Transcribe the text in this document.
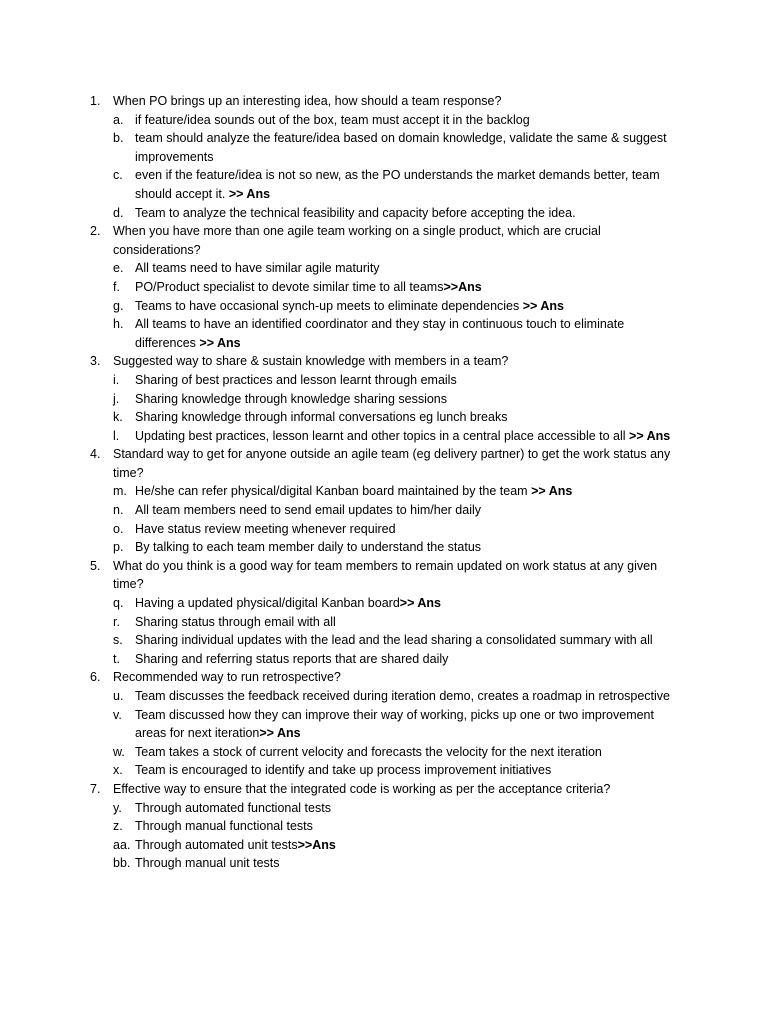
1. When PO brings up an interesting idea, how should a team response?
a. if feature/idea sounds out of the box, team must accept it in the backlog
b. team should analyze the feature/idea based on domain knowledge, validate the same & suggest improvements
c. even if the feature/idea is not so new, as the PO understands the market demands better, team should accept it. >> Ans
d. Team to analyze the technical feasibility and capacity before accepting the idea.
2. When you have more than one agile team working on a single product, which are crucial considerations?
e. All teams need to have similar agile maturity
f. PO/Product specialist to devote similar time to all teams>>Ans
g. Teams to have occasional synch-up meets to eliminate dependencies >> Ans
h. All teams to have an identified coordinator and they stay in continuous touch to eliminate differences >> Ans
3. Suggested way to share & sustain knowledge with members in a team?
i. Sharing of best practices and lesson learnt through emails
j. Sharing knowledge through knowledge sharing sessions
k. Sharing knowledge through informal conversations eg lunch breaks
l. Updating best practices, lesson learnt and other topics in a central place accessible to all >> Ans
4. Standard way to get for anyone outside an agile team (eg delivery partner) to get the work status any time?
m. He/she can refer physical/digital Kanban board maintained by the team >> Ans
n. All team members need to send email updates to him/her daily
o. Have status review meeting whenever required
p. By talking to each team member daily to understand the status
5. What do you think is a good way for team members to remain updated on work status at any given time?
q. Having a updated physical/digital Kanban board>> Ans
r. Sharing status through email with all
s. Sharing individual updates with the lead and the lead sharing a consolidated summary with all
t. Sharing and referring status reports that are shared daily
6. Recommended way to run retrospective?
u. Team discusses the feedback received during iteration demo, creates a roadmap in retrospective
v. Team discussed how they can improve their way of working, picks up one or two improvement areas for next iteration>> Ans
w. Team takes a stock of current velocity and forecasts the velocity for the next iteration
x. Team is encouraged to identify and take up process improvement initiatives
7. Effective way to ensure that the integrated code is working as per the acceptance criteria?
y. Through automated functional tests
z. Through manual functional tests
aa. Through automated unit tests>>Ans
bb. Through manual unit tests
